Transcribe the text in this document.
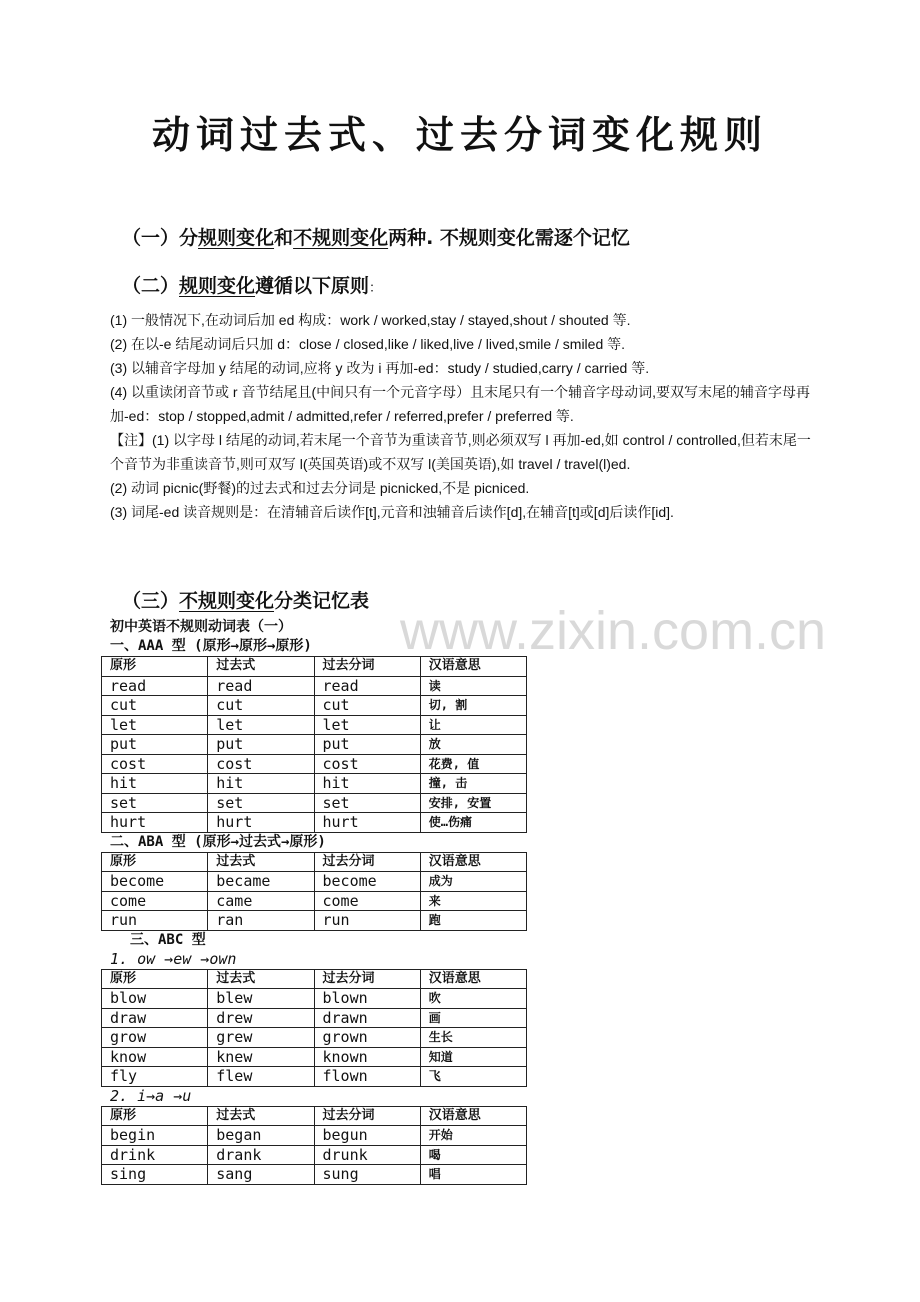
动词过去式、过去分词变化规则
（一）分规则变化和不规则变化两种. 不规则变化需逐个记忆
（二）规则变化遵循以下原则：

(1) 一般情况下,在动词后加 ed 构成：work / worked,stay / stayed,shout / shouted 等.

(2) 在以-e 结尾动词后只加 d：close / closed,like / liked,live / lived,smile / smiled 等.

(3) 以辅音字母加 y 结尾的动词,应将 y 改为 i 再加-ed：study / studied,carry / carried 等.

(4) 以重读闭音节或 r 音节结尾且(中间只有一个元音字母）且末尾只有一个辅音字母动词,要双写末尾的辅音字母再加-ed：stop / stopped,admit / admitted,refer / referred,prefer / preferred 等.

【注】(1) 以字母 l 结尾的动词,若末尾一个音节为重读音节,则必须双写 l 再加-ed,如 control / controlled,但若末尾一个音节为非重读音节,则可双写 l(英国英语)或不双写 l(美国英语),如 travel / travel(l)ed.

(2) 动词 picnic(野餐)的过去式和过去分词是 picnicked,不是 picniced.

(3) 词尾-ed 读音规则是：在清辅音后读作[t],元音和浊辅音后读作[d],在辅音[t]或[d]后读作[id].

（三）不规则变化分类记忆表 www.zixin.com.cn
初中英语不规则动词表（一）
一、AAA 型 (原形→原形→原形)
原形	过去式	过去分词	汉语意思
read	read	read	读
cut	cut	cut	切, 割
let	let	let	让
put	put	put	放
cost	cost	cost	花费, 值
hit	hit	hit	撞, 击
set	set	set	安排, 安置
hurt	hurt	hurt	使…伤痛
二、ABA 型 (原形→过去式→原形)
原形	过去式	过去分词	汉语意思
become	became	become	成为
come	came	come	来
run	ran	run	跑
三、ABC 型
1. ow →ew →own
原形	过去式	过去分词	汉语意思
blow	blew	blown	吹
draw	drew	drawn	画
grow	grew	grown	生长
know	knew	known	知道
fly	flew	flown	飞
2. i→a →u
原形	过去式	过去分词	汉语意思
begin	began	begun	开始
drink	drank	drunk	喝
sing	sang	sung	唱
